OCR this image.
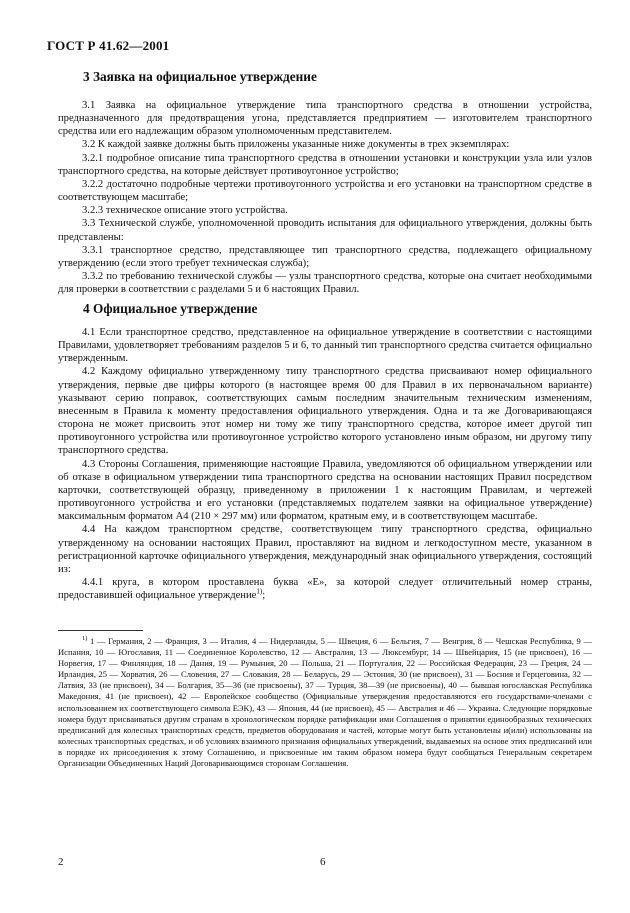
ГОСТ Р 41.62—2001
3 Заявка на официальное утверждение

3.1 Заявка на официальное утверждение типа транспортного средства в отношении устройства, предназначенного для предотвращения угона, представляется предприятием — изготовителем транспортного средства или его надлежащим образом уполномоченным представителем.

3.2 К каждой заявке должны быть приложены указанные ниже документы в трех экземплярах:

3.2.1 подробное описание типа транспортного средства в отношении установки и конструкции узла или узлов транспортного средства, на которые действует противоугонное устройство;

3.2.2 достаточно подробные чертежи противоугонного устройства и его установки на транспортном средстве в соответствующем масштабе;

3.2.3 техническое описание этого устройства.

3.3 Технической службе, уполномоченной проводить испытания для официального утверждения, должны быть представлены:

3.3.1 транспортное средство, представляющее тип транспортного средства, подлежащего официальному утверждению (если этого требует техническая служба);

3.3.2 по требованию технической службы — узлы транспортного средства, которые она считает необходимыми для проверки в соответствии с разделами 5 и 6 настоящих Правил.

4 Официальное утверждение

4.1 Если транспортное средство, представленное на официальное утверждение в соответствии с настоящими Правилами, удовлетворяет требованиям разделов 5 и 6, то данный тип транспортного средства считается официально утвержденным.

4.2 Каждому официально утвержденному типу транспортного средства присваивают номер официального утверждения, первые две цифры которого (в настоящее время 00 для Правил в их первоначальном варианте) указывают серию поправок, соответствующих самым последним значительным техническим изменениям, внесенным в Правила к моменту предоставления официального утверждения. Одна и та же Договаривающаяся сторона не может присвоить этот номер ни тому же типу транспортного средства, которое имеет другой тип противоугонного устройства или противоугонное устройство которого установлено иным образом, ни другому типу транспортного средства.

4.3 Стороны Соглашения, применяющие настоящие Правила, уведомляются об официальном утверждении или об отказе в официальном утверждении типа транспортного средства на основании настоящих Правил посредством карточки, соответствующей образцу, приведенному в приложении 1 к настоящим Правилам, и чертежей противоугонного устройства и его установки (представляемых подателем заявки на официальное утверждение) максимальным форматом А4 (210 × 297 мм) или форматом, кратным ему, и в соответствующем масштабе.

4.4 На каждом транспортном средстве, соответствующем типу транспортного средства, официально утвержденному на основании настоящих Правил, проставляют на видном и легкодоступном месте, указанном в регистрационной карточке официального утверждения, международный знак официального утверждения, состоящий из:

4.4.1 круга, в котором проставлена буква «Е», за которой следует отличительный номер страны, предоставившей официальное утверждение$^{1)}$;

$^{1)}$ 1 — Германия, 2 — Франция, 3 — Италия, 4 — Нидерланды, 5 — Швеция, 6 — Бельгия, 7 — Венгрия, 8 — Чешская Республика, 9 — Испания, 10 — Югославия, 11 — Соединенное Королевство, 12 — Австралия, 13 — Люксембург, 14 — Швейцария, 15 (не присвоен), 16 — Норвегия, 17 — Финляндия, 18 — Дания, 19 — Румыния, 20 — Польша, 21 — Португалия, 22 — Российская Федерация, 23 — Греция, 24 — Ирландия, 25 — Хорватия, 26 — Словения, 27 — Словакия, 28 — Беларусь, 29 — Эстония, 30 (не присвоен), 31 — Босния и Герцеговина, 32 — Латвия, 33 (не присвоен), 34 — Болгария, 35—36 (не присвоены), 37 — Турция, 38—39 (не присвоены), 40 — бывшая югославская Республика Македония, 41 (не присвоен), 42 — Европейское сообщество (Официальные утверждения предоставляются его государствами-членами с использованием их соответствующего символа ЕЭК), 43 — Япония, 44 (не присвоен), 45 — Австралия и 46 — Украина. Следующие порядковые номера будут присваиваться другим странам в хронологическом порядке ратификации ими Соглашения о принятии единообразных технических предписаний для колесных транспортных средств, предметов оборудования и частей, которые могут быть установлены и(или) использованы на колесных транспортных средствах, и об условиях взаимного признания официальных утверждений, выдаваемых на основе этих предписаний или в порядке их присоединения к этому Соглашению, и присвоенные им таким образом номера будут сообщаться Генеральным секретарем Организации Объединенных Наций Договаривающимся сторонам Соглашения.
2	6
